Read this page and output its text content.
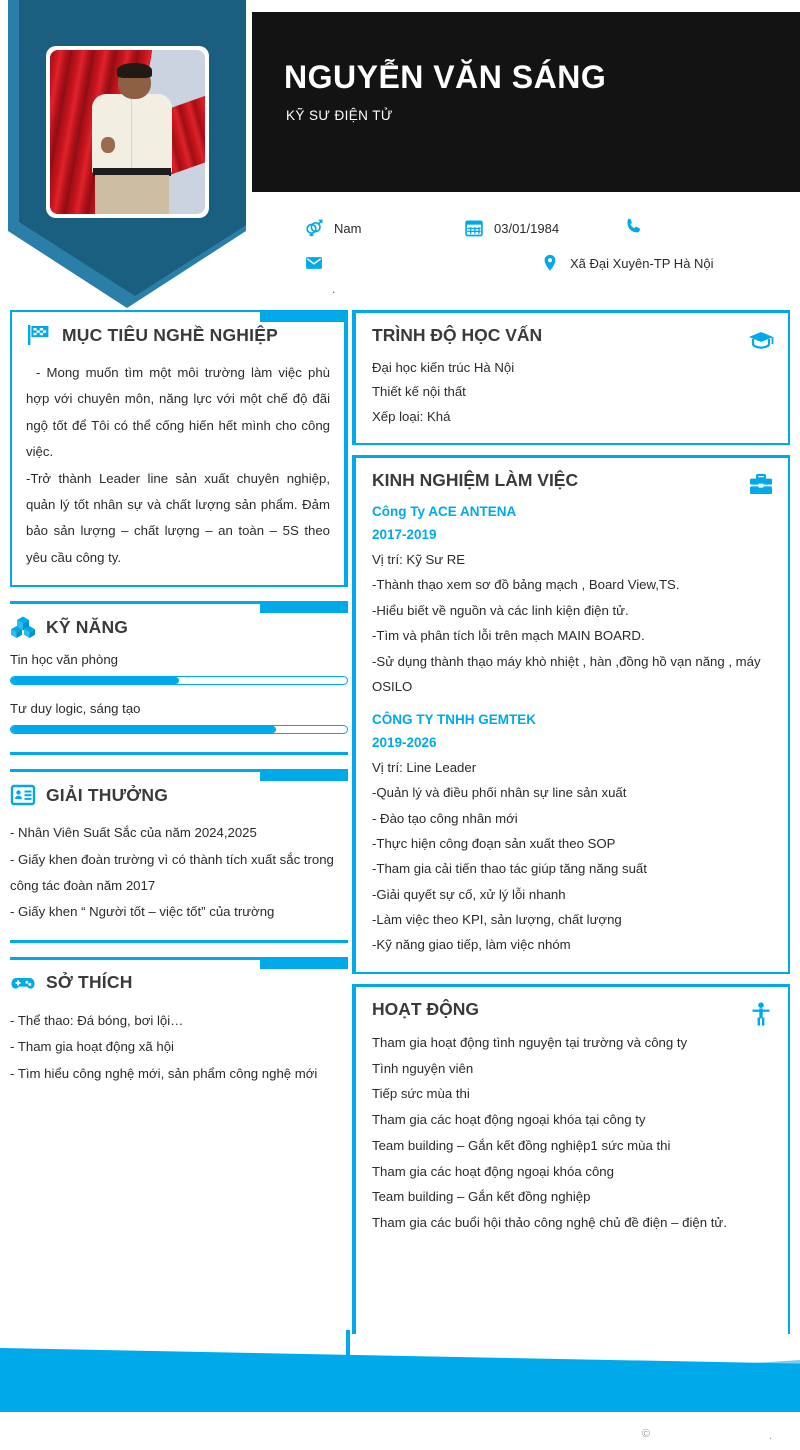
NGUYỄN VĂN SÁNG
KỸ SƯ ĐIỆN TỬ
Nam	03/01/1984
Xã Đại Xuyên-TP Hà Nội
.
MỤC TIÊU NGHỀ NGHIỆP

- Mong muốn tìm một môi trường làm việc phù hợp với chuyên môn, năng lực với một chế độ đãi ngộ tốt để Tôi có thể cống hiến hết mình cho công việc.

-Trở thành Leader line sản xuất chuyên nghiệp, quản lý tốt nhân sự và chất lượng sản phẩm. Đảm bảo sản lượng – chất lượng – an toàn – 5S theo yêu cầu công ty.

KỸ NĂNG
Tin học văn phòng
Tư duy logic, sáng tạo
GIẢI THƯỞNG

- Nhân Viên Suất Sắc của năm 2024,2025

- Giấy khen đoàn trường vì có thành tích xuất sắc trong công tác đoàn năm 2017

- Giấy khen “ Người tốt – việc tốt” của trường

SỞ THÍCH

- Thể thao: Đá bóng, bơi lội…

- Tham gia hoạt động xã hội

- Tìm hiểu công nghệ mới, sản phẩm công nghệ mới

TRÌNH ĐỘ HỌC VẤN
Đại học kiến trúc Hà Nội
Thiết kế nội thất
Xếp loại: Khá
KINH NGHIỆM LÀM VIỆC
Công Ty ACE ANTENA
2017-2019
Vị trí: Kỹ Sư RE
-Thành thạo xem sơ đồ bảng mạch , Board View,TS.
-Hiểu biết về nguồn và các linh kiện điện tử.
-Tìm và phân tích lỗi trên mạch MAIN BOARD.
-Sử dụng thành thạo máy khò nhiệt , hàn ,đồng hồ vạn năng , máy OSILO
CÔNG TY TNHH GEMTEK
2019-2026
Vị trí: Line Leader
-Quản lý và điều phối nhân sự line sản xuất
- Đào tạo công nhân mới
-Thực hiện công đoạn sản xuất theo SOP
-Tham gia cải tiến thao tác giúp tăng năng suất
-Giải quyết sự cố, xử lý lỗi nhanh
-Làm việc theo KPI, sản lượng, chất lượng
-Kỹ năng giao tiếp, làm việc nhóm
HOẠT ĐỘNG
Tham gia hoạt động tình nguyện tại trường và công ty
Tình nguyện viên
Tiếp sức mùa thi
Tham gia các hoạt động ngoại khóa tại công ty
Team building – Gắn kết đồng nghiệp1 sức mùa thi
Tham gia các hoạt động ngoại khóa công
Team building – Gắn kết đồng nghiệp
Tham gia các buổi hội thảo công nghệ chủ đề điện – điện tử.
©	.
